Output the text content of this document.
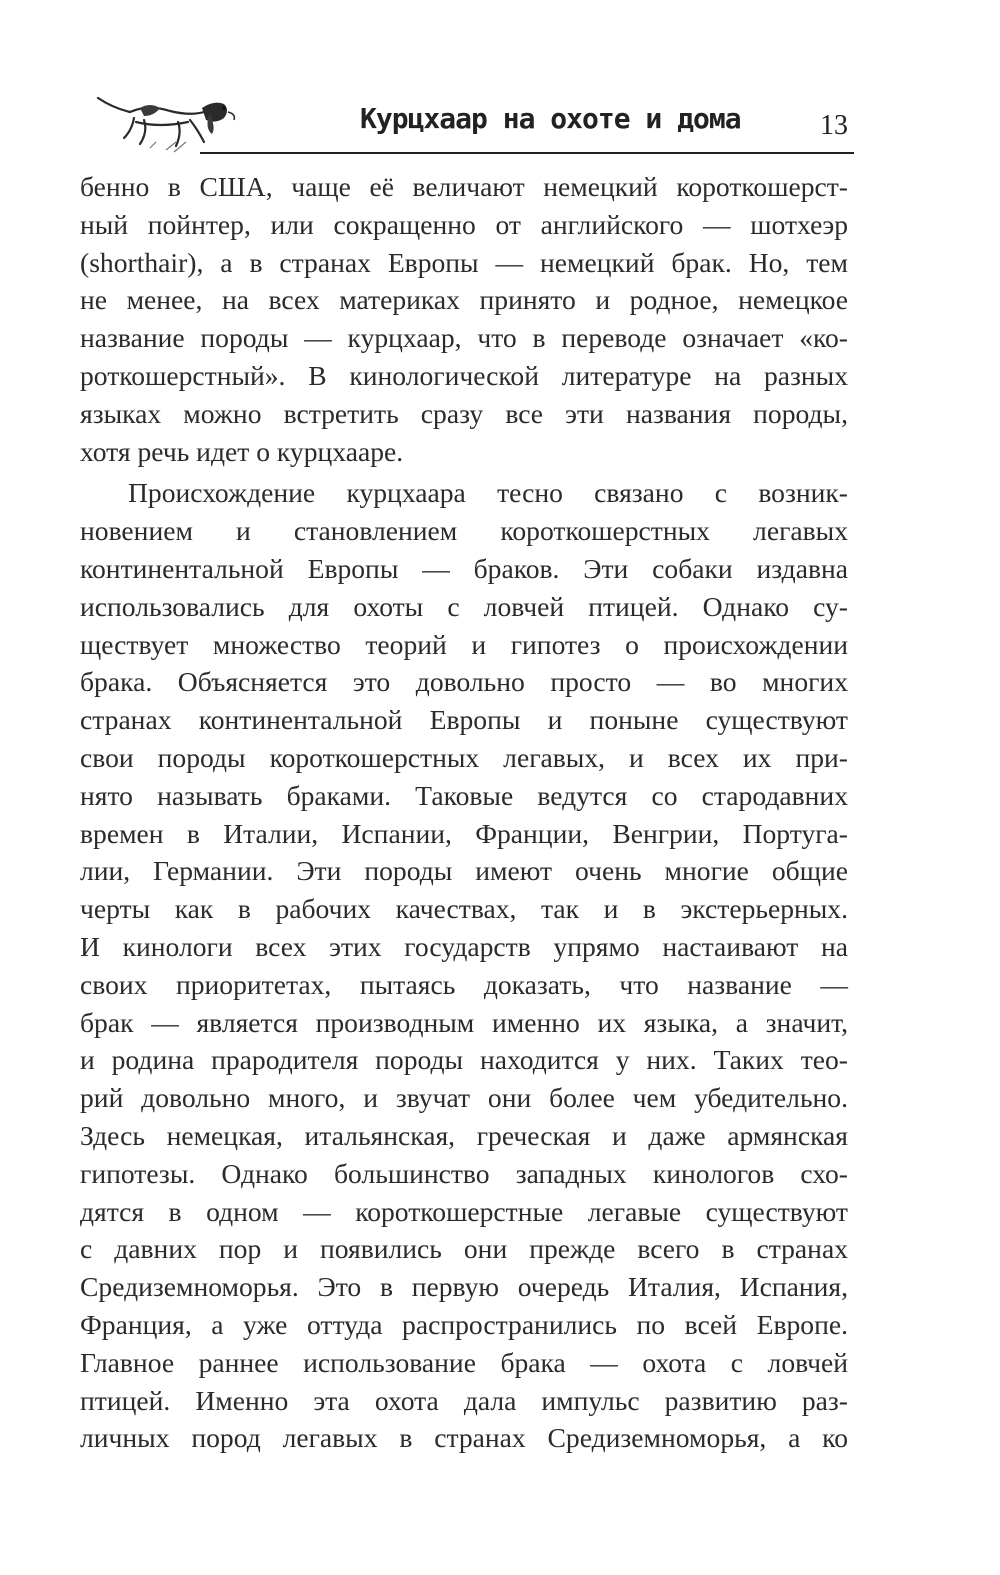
Курцхаар на охоте и дома	13
бенно в США, чаще её величают немецкий короткошерст-
ный пойнтер, или сокращенно от английского — шотхеэр
(shorthair), а в странах Европы — немецкий брак. Но, тем
не менее, на всех материках принято и родное, немецкое
название породы — курцхаар, что в переводе означает «ко-
роткошерстный». В кинологической литературе на разных
языках можно встретить сразу все эти названия породы,
хотя речь идет о курцхааре.
Происхождение курцхаара тесно связано с возник-
новением и становлением короткошерстных легавых
континентальной Европы — браков. Эти собаки издавна
использовались для охоты с ловчей птицей. Однако су-
ществует множество теорий и гипотез о происхождении
брака. Объясняется это довольно просто — во многих
странах континентальной Европы и поныне существуют
свои породы короткошерстных легавых, и всех их при-
нято называть браками. Таковые ведутся со стародавних
времен в Италии, Испании, Франции, Венгрии, Португа-
лии, Германии. Эти породы имеют очень многие общие
черты как в рабочих качествах, так и в экстерьерных.
И кинологи всех этих государств упрямо настаивают на
своих приоритетах, пытаясь доказать, что название —
брак — является производным именно их языка, а значит,
и родина прародителя породы находится у них. Таких тео-
рий довольно много, и звучат они более чем убедительно.
Здесь немецкая, итальянская, греческая и даже армянская
гипотезы. Однако большинство западных кинологов схо-
дятся в одном — короткошерстные легавые существуют
с давних пор и появились они прежде всего в странах
Средиземноморья. Это в первую очередь Италия, Испания,
Франция, а уже оттуда распространились по всей Европе.
Главное раннее использование брака — охота с ловчей
птицей. Именно эта охота дала импульс развитию раз-
личных пород легавых в странах Средиземноморья, а ко
